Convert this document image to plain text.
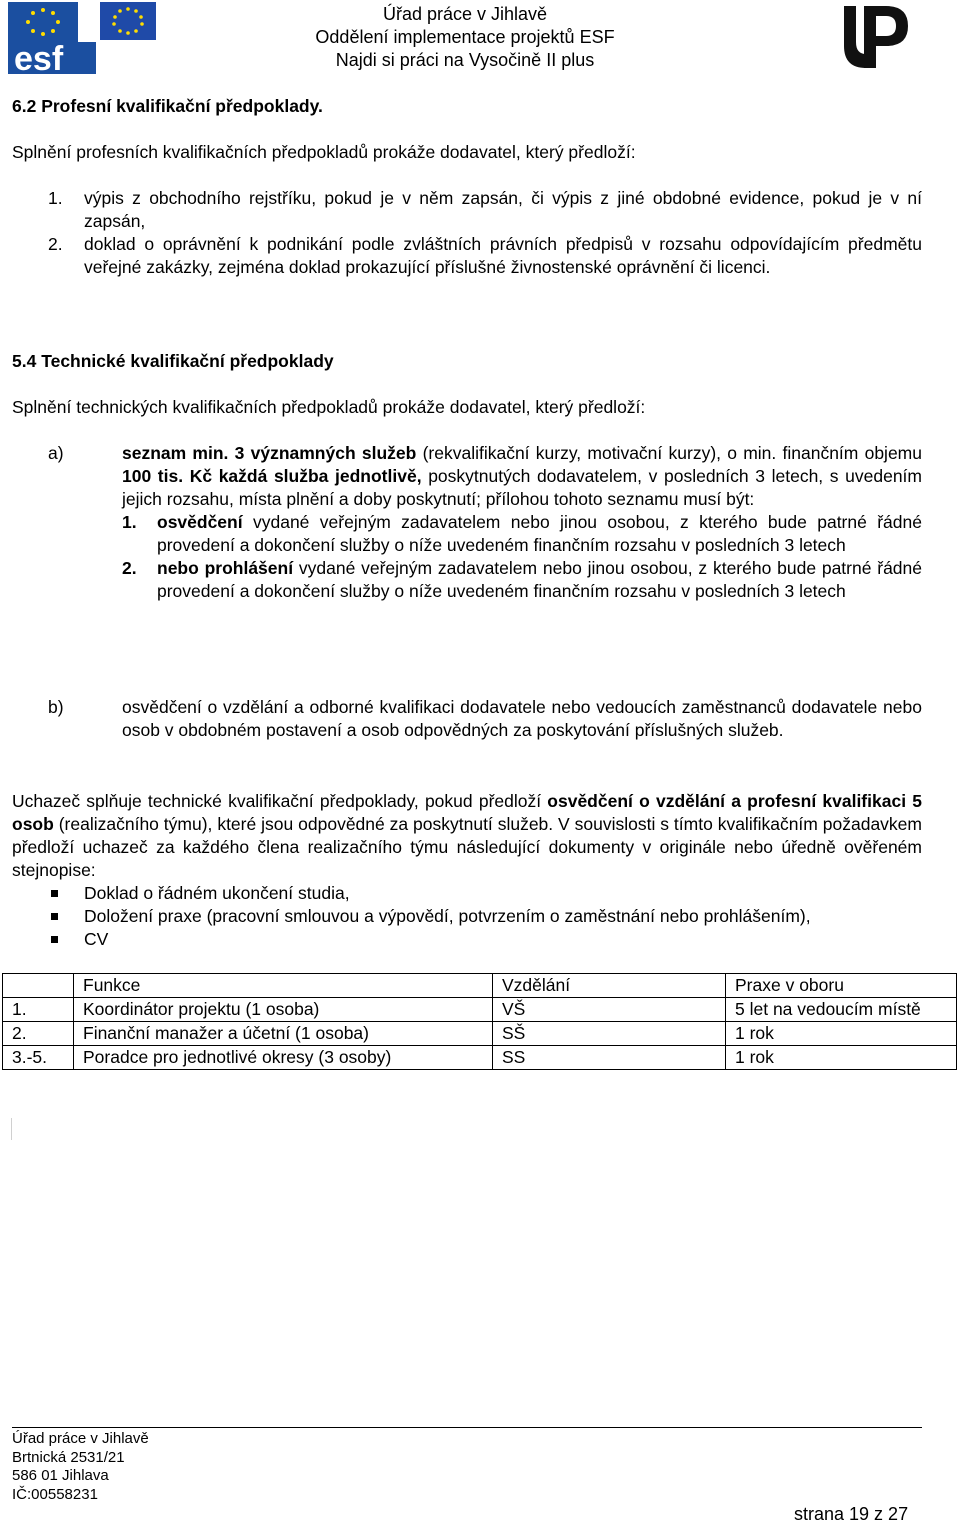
esf
Úřad práce v Jihlavě
Oddělení implementace projektů ESF
Najdi si práci na Vysočině II plus
6.2 Profesní kvalifikační předpoklady.
Splnění profesních kvalifikačních předpokladů prokáže dodavatel, který předloží:
1. výpis z obchodního rejstříku, pokud je v něm zapsán, či výpis z jiné obdobné evidence, pokud je v ní zapsán,
2. doklad o oprávnění k podnikání podle zvláštních právních předpisů v rozsahu odpovídajícím předmětu veřejné zakázky, zejména doklad prokazující příslušné živnostenské oprávnění či licenci.
5.4 Technické kvalifikační předpoklady
Splnění technických kvalifikačních předpokladů prokáže dodavatel, který předloží:
a)	seznam min. 3 významných služeb (rekvalifikační kurzy, motivační kurzy), o min. finančním objemu 100 tis. Kč každá služba jednotlivě, poskytnutých dodavatelem, v posledních 3 letech, s uvedením jejich rozsahu, místa plnění a doby poskytnutí; přílohou tohoto seznamu musí být:
1. osvědčení vydané veřejným zadavatelem nebo jinou osobou, z kterého bude patrné řádné provedení a dokončení služby o níže uvedeném finančním rozsahu v posledních 3 letech
2. nebo prohlášení vydané veřejným zadavatelem nebo jinou osobou, z kterého bude patrné řádné provedení a dokončení služby o níže uvedeném finančním rozsahu v posledních 3 letech
b)	osvědčení o vzdělání a odborné kvalifikaci dodavatele nebo vedoucích zaměstnanců dodavatele nebo osob v obdobném postavení a osob odpovědných za poskytování příslušných služeb.
Uchazeč splňuje technické kvalifikační předpoklady, pokud předloží osvědčení o vzdělání a profesní kvalifikaci 5 osob (realizačního týmu), které jsou odpovědné za poskytnutí služeb. V souvislosti s tímto kvalifikačním požadavkem předloží uchazeč za každého člena realizačního týmu následující dokumenty v originále nebo úředně ověřeném stejnopise:
Doklad o řádném ukončení studia,
Doložení praxe (pracovní smlouvou a výpovědí, potvrzením o zaměstnání nebo prohlášením),
CV
	Funkce	Vzdělání	Praxe v oboru
1.	Koordinátor projektu (1 osoba)	VŠ	5 let na vedoucím místě
2.	Finanční manažer a účetní (1 osoba)	SŠ	1 rok
3.-5.	Poradce pro jednotlivé okresy (3 osoby)	SS	1 rok
Úřad práce v Jihlavě
Brtnická 2531/21
586 01 Jihlava
IČ:00558231
strana 19 z 27
